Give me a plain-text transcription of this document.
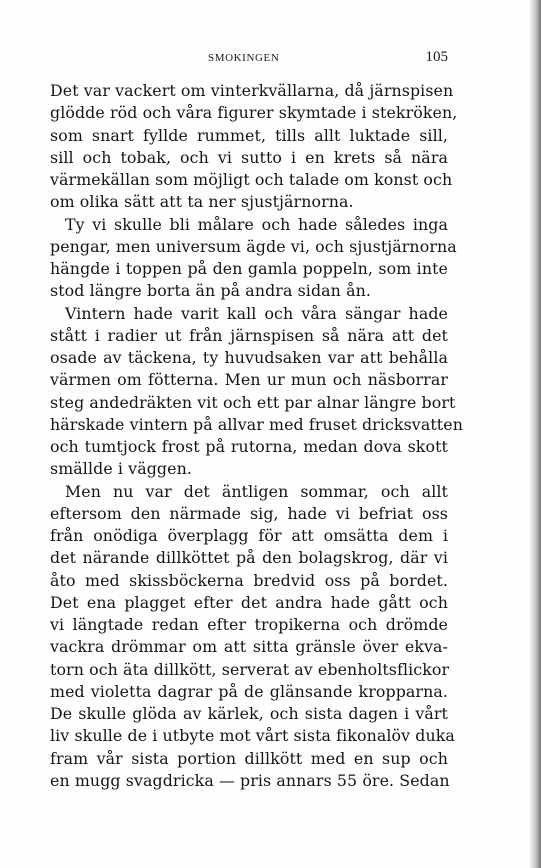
SMOKINGEN	105
Det var vackert om vinterkvällarna, då järnspisen
glödde röd och våra figurer skymtade i stekröken,
som snart fyllde rummet, tills allt luktade sill,
sill och tobak, och vi sutto i en krets så nära
värmekällan som möjligt och talade om konst och
om olika sätt att ta ner sjustjärnorna.
Ty vi skulle bli målare och hade således inga
pengar, men universum ägde vi, och sjustjärnorna
hängde i toppen på den gamla poppeln, som inte
stod längre borta än på andra sidan ån.
Vintern hade varit kall och våra sängar hade
stått i radier ut från järnspisen så nära att det
osade av täckena, ty huvudsaken var att behålla
värmen om fötterna. Men ur mun och näsborrar
steg andedräkten vit och ett par alnar längre bort
härskade vintern på allvar med fruset dricksvatten
och tumtjock frost på rutorna, medan dova skott
smällde i väggen.
Men nu var det äntligen sommar, och allt
eftersom den närmade sig, hade vi befriat oss
från onödiga överplagg för att omsätta dem i
det närande dillköttet på den bolagskrog, där vi
åto med skissböckerna bredvid oss på bordet.
Det ena plagget efter det andra hade gått och
vi längtade redan efter tropikerna och drömde
vackra drömmar om att sitta gränsle över ekva-
torn och äta dillkött, serverat av ebenholtsflickor
med violetta dagrar på de glänsande kropparna.
De skulle glöda av kärlek, och sista dagen i vårt
liv skulle de i utbyte mot vårt sista fikonalöv duka
fram vår sista portion dillkött med en sup och
en mugg svagdricka — pris annars 55 öre. Sedan
